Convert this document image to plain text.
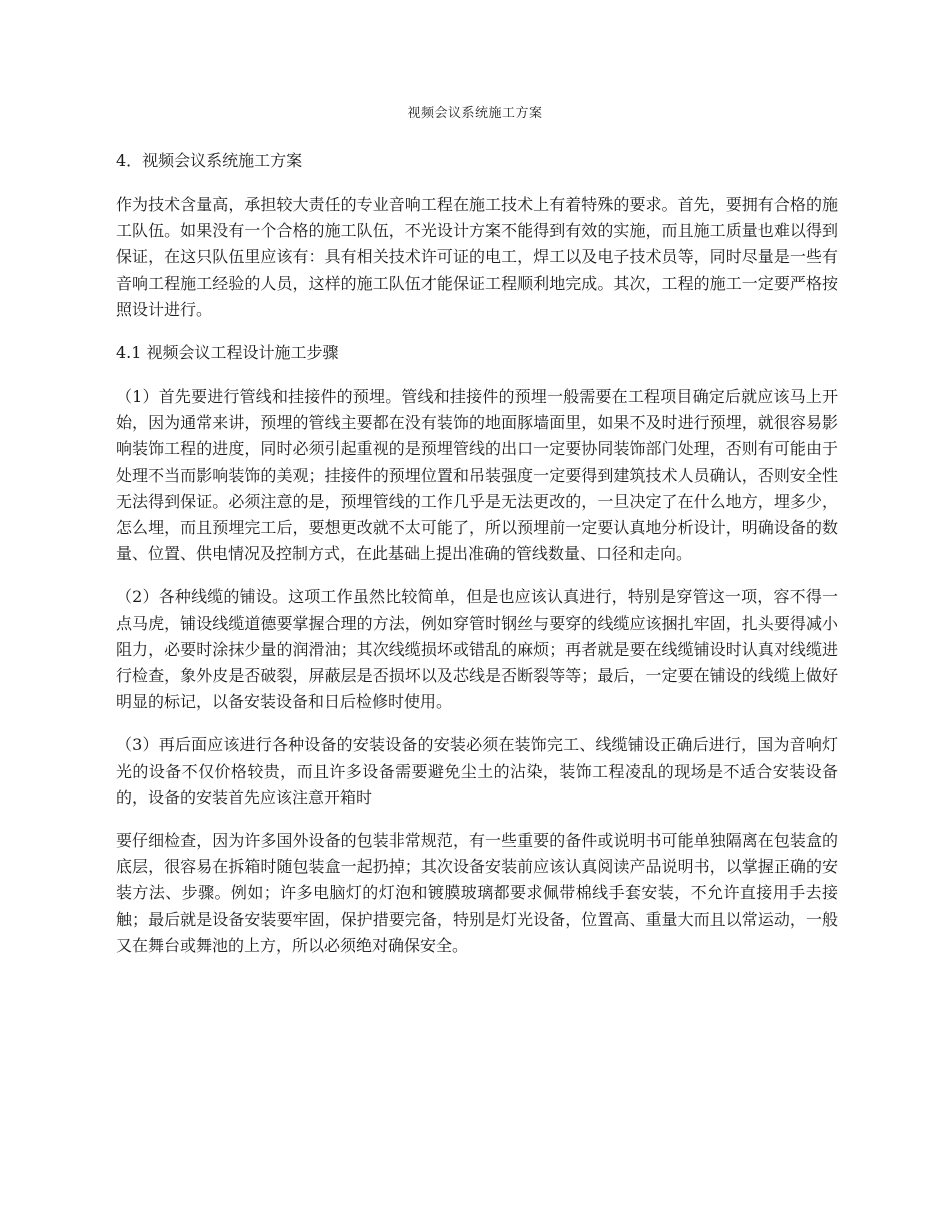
视频会议系统施工方案
4．视频会议系统施工方案

作为技术含量高，承担较大责任的专业音响工程在施工技术上有着特殊的要求。首先，要拥有合格的施工队伍。如果没有一个合格的施工队伍，不光设计方案不能得到有效的实施，而且施工质量也难以得到保证，在这只队伍里应该有：具有相关技术许可证的电工，焊工以及电子技术员等，同时尽量是一些有音响工程施工经验的人员，这样的施工队伍才能保证工程顺利地完成。其次，工程的施工一定要严格按照设计进行。

4.1 视频会议工程设计施工步骤

（1）首先要进行管线和挂接件的预埋。管线和挂接件的预埋一般需要在工程项目确定后就应该马上开始，因为通常来讲，预埋的管线主要都在没有装饰的地面豚墙面里，如果不及时进行预埋，就很容易影响装饰工程的进度，同时必须引起重视的是预埋管线的出口一定要协同装饰部门处理，否则有可能由于处理不当而影响装饰的美观；挂接件的预埋位置和吊装强度一定要得到建筑技术人员确认，否则安全性无法得到保证。必须注意的是，预埋管线的工作几乎是无法更改的，一旦决定了在什么地方，埋多少，怎么埋，而且预埋完工后，要想更改就不太可能了，所以预埋前一定要认真地分析设计，明确设备的数量、位置、供电情况及控制方式，在此基础上提出准确的管线数量、口径和走向。

（2）各种线缆的铺设。这项工作虽然比较简单，但是也应该认真进行，特别是穿管这一项，容不得一点马虎，铺设线缆道德要掌握合理的方法，例如穿管时钢丝与要穿的线缆应该捆扎牢固，扎头要得减小阻力，必要时涂抹少量的润滑油；其次线缆损坏或错乱的麻烦；再者就是要在线缆铺设时认真对线缆进行检查，象外皮是否破裂，屏蔽层是否损坏以及芯线是否断裂等等；最后，一定要在铺设的线缆上做好明显的标记，以备安装设备和日后检修时使用。

（3）再后面应该进行各种设备的安装设备的安装必须在装饰完工、线缆铺设正确后进行，国为音响灯光的设备不仅价格较贵，而且许多设备需要避免尘土的沾染，装饰工程凌乱的现场是不适合安装设备的，设备的安装首先应该注意开箱时

要仔细检查，因为许多国外设备的包装非常规范，有一些重要的备件或说明书可能单独隔离在包装盒的底层，很容易在拆箱时随包装盒一起扔掉；其次设备安装前应该认真阅读产品说明书，以掌握正确的安装方法、步骤。例如；许多电脑灯的灯泡和镀膜玻璃都要求佩带棉线手套安装，不允许直接用手去接触；最后就是设备安装要牢固，保护措要完备，特别是灯光设备，位置高、重量大而且以常运动，一般又在舞台或舞池的上方，所以必须绝对确保安全。
